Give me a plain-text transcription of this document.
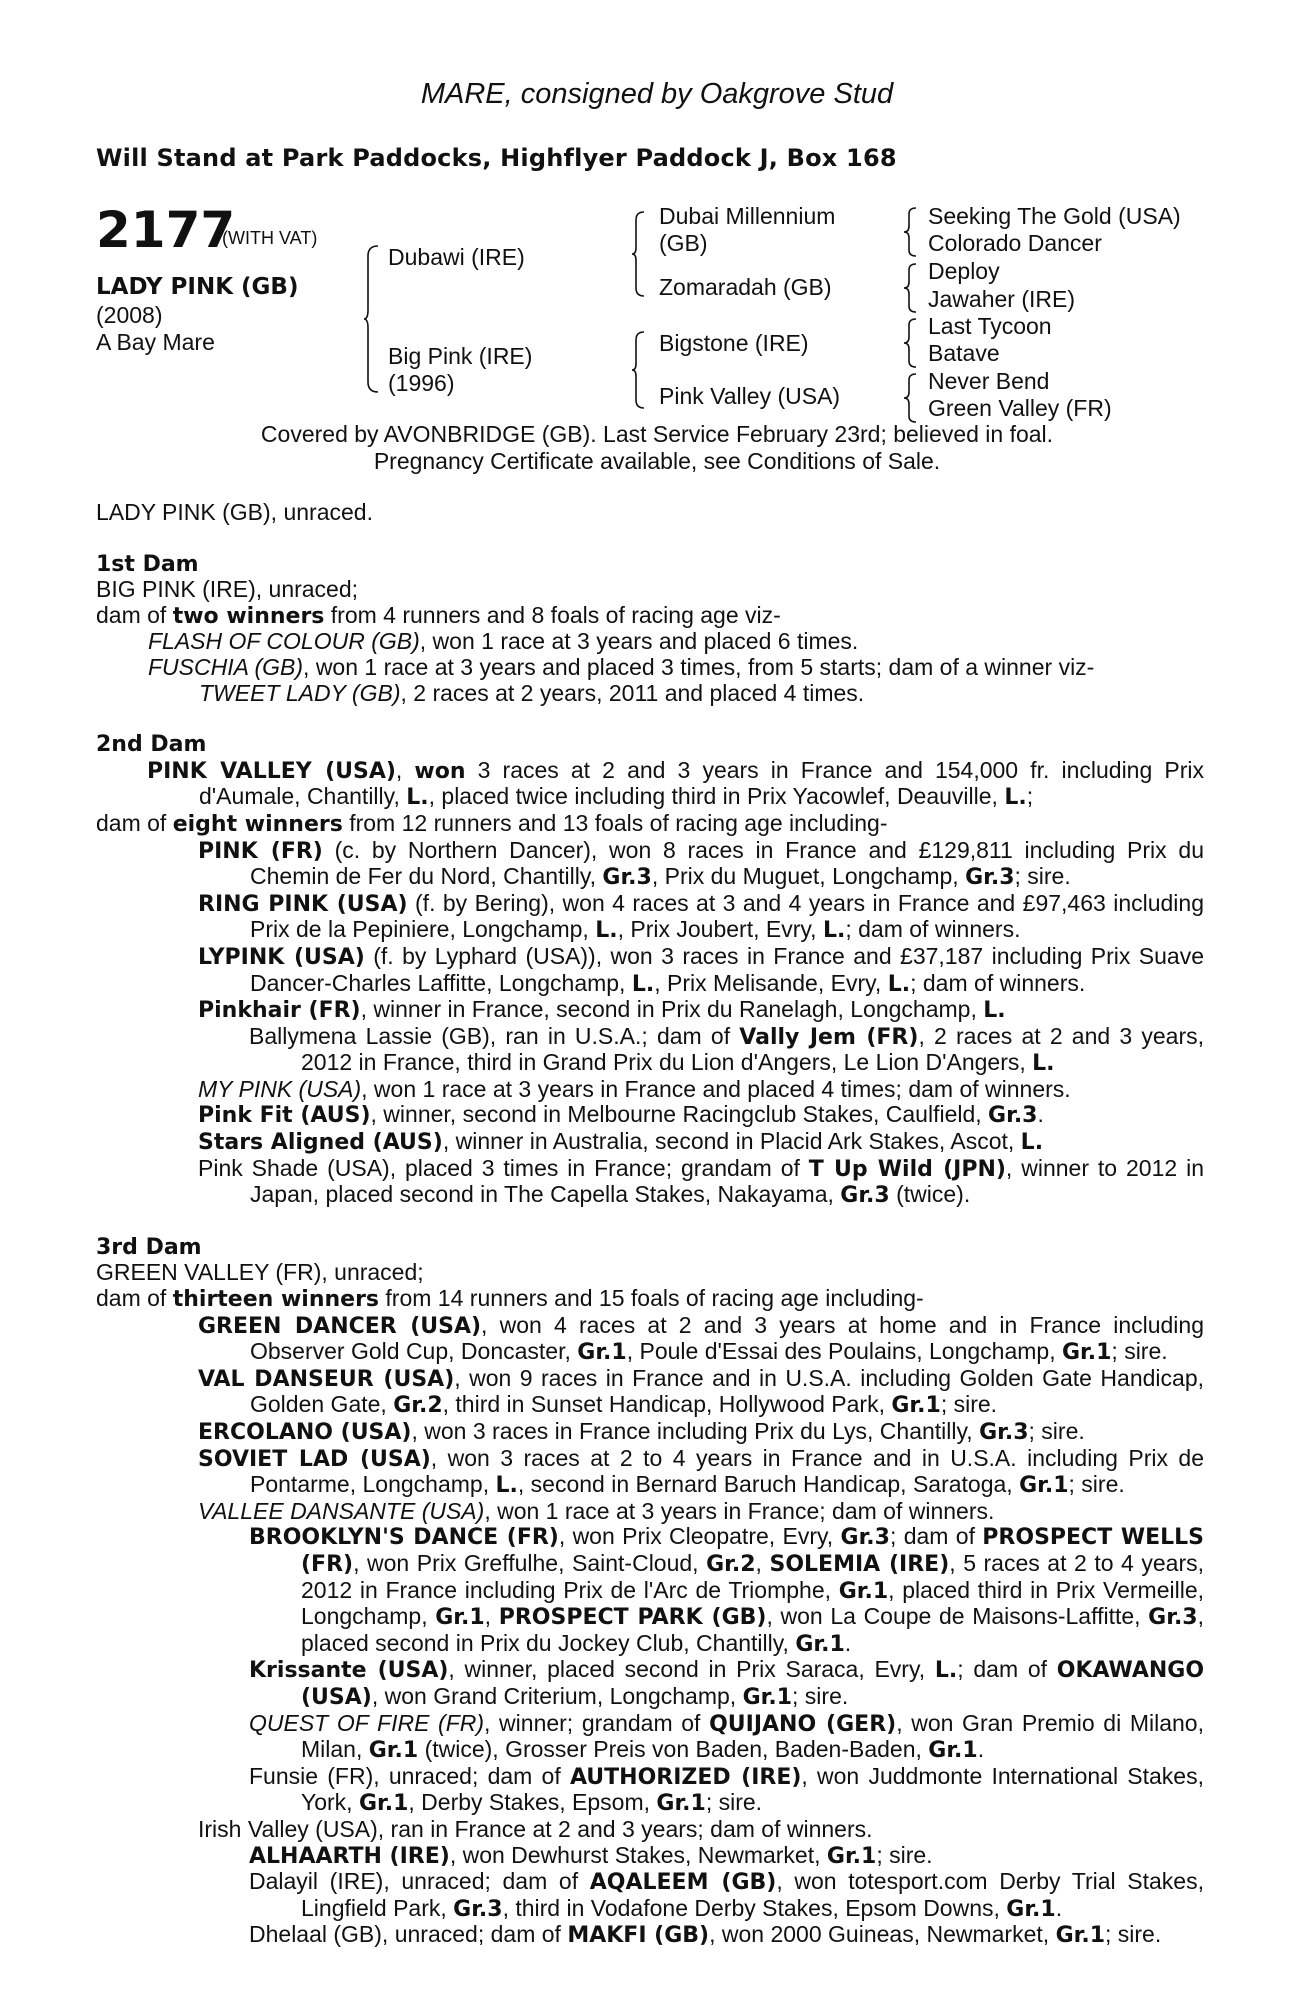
MARE, consigned by Oakgrove Stud
Will Stand at Park Paddocks, Highflyer Paddock J, Box 168
2177
(WITH VAT)
LADY PINK (GB)
(2008)
A Bay Mare
Dubawi (IRE)
Big Pink (IRE)
(1996)
Dubai Millennium
(GB)
Zomaradah (GB)
Bigstone (IRE)
Pink Valley (USA)
Seeking The Gold (USA)
Colorado Dancer
Deploy
Jawaher (IRE)
Last Tycoon
Batave
Never Bend
Green Valley (FR)
Covered by AVONBRIDGE (GB). Last Service February 23rd; believed in foal.
Pregnancy Certificate available, see Conditions of Sale.

LADY PINK (GB), unraced.

1st Dam

BIG PINK (IRE), unraced;

dam of two winners from 4 runners and 8 foals of racing age viz-

FLASH OF COLOUR (GB), won 1 race at 3 years and placed 6 times.

FUSCHIA (GB), won 1 race at 3 years and placed 3 times, from 5 starts; dam of a winner viz-

TWEET LADY (GB), 2 races at 2 years, 2011 and placed 4 times.

2nd Dam

PINK VALLEY (USA), won 3 races at 2 and 3 years in France and 154,000 fr. including Prix d'Aumale, Chantilly, L., placed twice including third in Prix Yacowlef, Deauville, L.;

dam of eight winners from 12 runners and 13 foals of racing age including-

PINK (FR) (c. by Northern Dancer), won 8 races in France and £129,811 including Prix du Chemin de Fer du Nord, Chantilly, Gr.3, Prix du Muguet, Longchamp, Gr.3; sire.

RING PINK (USA) (f. by Bering), won 4 races at 3 and 4 years in France and £97,463 including Prix de la Pepiniere, Longchamp, L., Prix Joubert, Evry, L.; dam of winners.

LYPINK (USA) (f. by Lyphard (USA)), won 3 races in France and £37,187 including Prix Suave Dancer-Charles Laffitte, Longchamp, L., Prix Melisande, Evry, L.; dam of winners.

Pinkhair (FR), winner in France, second in Prix du Ranelagh, Longchamp, L.

Ballymena Lassie (GB), ran in U.S.A.; dam of Vally Jem (FR), 2 races at 2 and 3 years, 2012 in France, third in Grand Prix du Lion d'Angers, Le Lion D'Angers, L.

MY PINK (USA), won 1 race at 3 years in France and placed 4 times; dam of winners.

Pink Fit (AUS), winner, second in Melbourne Racingclub Stakes, Caulfield, Gr.3.

Stars Aligned (AUS), winner in Australia, second in Placid Ark Stakes, Ascot, L.

Pink Shade (USA), placed 3 times in France; grandam of T Up Wild (JPN), winner to 2012 in Japan, placed second in The Capella Stakes, Nakayama, Gr.3 (twice).

3rd Dam

GREEN VALLEY (FR), unraced;

dam of thirteen winners from 14 runners and 15 foals of racing age including-

GREEN DANCER (USA), won 4 races at 2 and 3 years at home and in France including Observer Gold Cup, Doncaster, Gr.1, Poule d'Essai des Poulains, Longchamp, Gr.1; sire.

VAL DANSEUR (USA), won 9 races in France and in U.S.A. including Golden Gate Handicap, Golden Gate, Gr.2, third in Sunset Handicap, Hollywood Park, Gr.1; sire.

ERCOLANO (USA), won 3 races in France including Prix du Lys, Chantilly, Gr.3; sire.

SOVIET LAD (USA), won 3 races at 2 to 4 years in France and in U.S.A. including Prix de Pontarme, Longchamp, L., second in Bernard Baruch Handicap, Saratoga, Gr.1; sire.

VALLEE DANSANTE (USA), won 1 race at 3 years in France; dam of winners.

BROOKLYN'S DANCE (FR), won Prix Cleopatre, Evry, Gr.3; dam of PROSPECT WELLS (FR), won Prix Greffulhe, Saint-Cloud, Gr.2, SOLEMIA (IRE), 5 races at 2 to 4 years, 2012 in France including Prix de l'Arc de Triomphe, Gr.1, placed third in Prix Vermeille, Longchamp, Gr.1, PROSPECT PARK (GB), won La Coupe de Maisons-Laffitte, Gr.3, placed second in Prix du Jockey Club, Chantilly, Gr.1.

Krissante (USA), winner, placed second in Prix Saraca, Evry, L.; dam of OKAWANGO (USA), won Grand Criterium, Longchamp, Gr.1; sire.

QUEST OF FIRE (FR), winner; grandam of QUIJANO (GER), won Gran Premio di Milano, Milan, Gr.1 (twice), Grosser Preis von Baden, Baden-Baden, Gr.1.

Funsie (FR), unraced; dam of AUTHORIZED (IRE), won Juddmonte International Stakes, York, Gr.1, Derby Stakes, Epsom, Gr.1; sire.

Irish Valley (USA), ran in France at 2 and 3 years; dam of winners.

ALHAARTH (IRE), won Dewhurst Stakes, Newmarket, Gr.1; sire.

Dalayil (IRE), unraced; dam of AQALEEM (GB), won totesport.com Derby Trial Stakes, Lingfield Park, Gr.3, third in Vodafone Derby Stakes, Epsom Downs, Gr.1.

Dhelaal (GB), unraced; dam of MAKFI (GB), won 2000 Guineas, Newmarket, Gr.1; sire.
